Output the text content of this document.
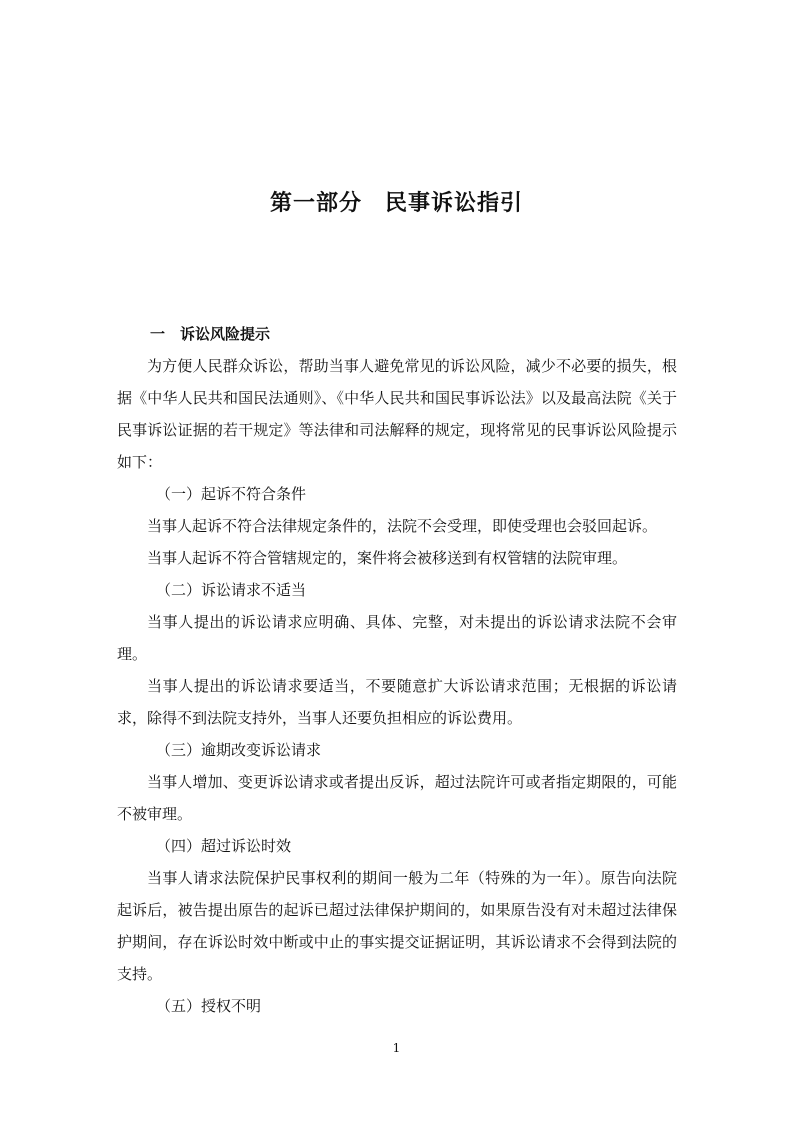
第一部分　民事诉讼指引

一　诉讼风险提示

为方便人民群众诉讼，帮助当事人避免常见的诉讼风险，减少不必要的损失，根据《中华人民共和国民法通则》、《中华人民共和国民事诉讼法》以及最高法院《关于民事诉讼证据的若干规定》等法律和司法解释的规定，现将常见的民事诉讼风险提示如下：

（一）起诉不符合条件

当事人起诉不符合法律规定条件的，法院不会受理，即使受理也会驳回起诉。

当事人起诉不符合管辖规定的，案件将会被移送到有权管辖的法院审理。

（二）诉讼请求不适当

当事人提出的诉讼请求应明确、具体、完整，对未提出的诉讼请求法院不会审理。

当事人提出的诉讼请求要适当，不要随意扩大诉讼请求范围；无根据的诉讼请求，除得不到法院支持外，当事人还要负担相应的诉讼费用。

（三）逾期改变诉讼请求

当事人增加、变更诉讼请求或者提出反诉，超过法院许可或者指定期限的，可能不被审理。

（四）超过诉讼时效

当事人请求法院保护民事权利的期间一般为二年（特殊的为一年）。原告向法院起诉后，被告提出原告的起诉已超过法律保护期间的，如果原告没有对未超过法律保护期间，存在诉讼时效中断或中止的事实提交证据证明，其诉讼请求不会得到法院的支持。

（五）授权不明

1
